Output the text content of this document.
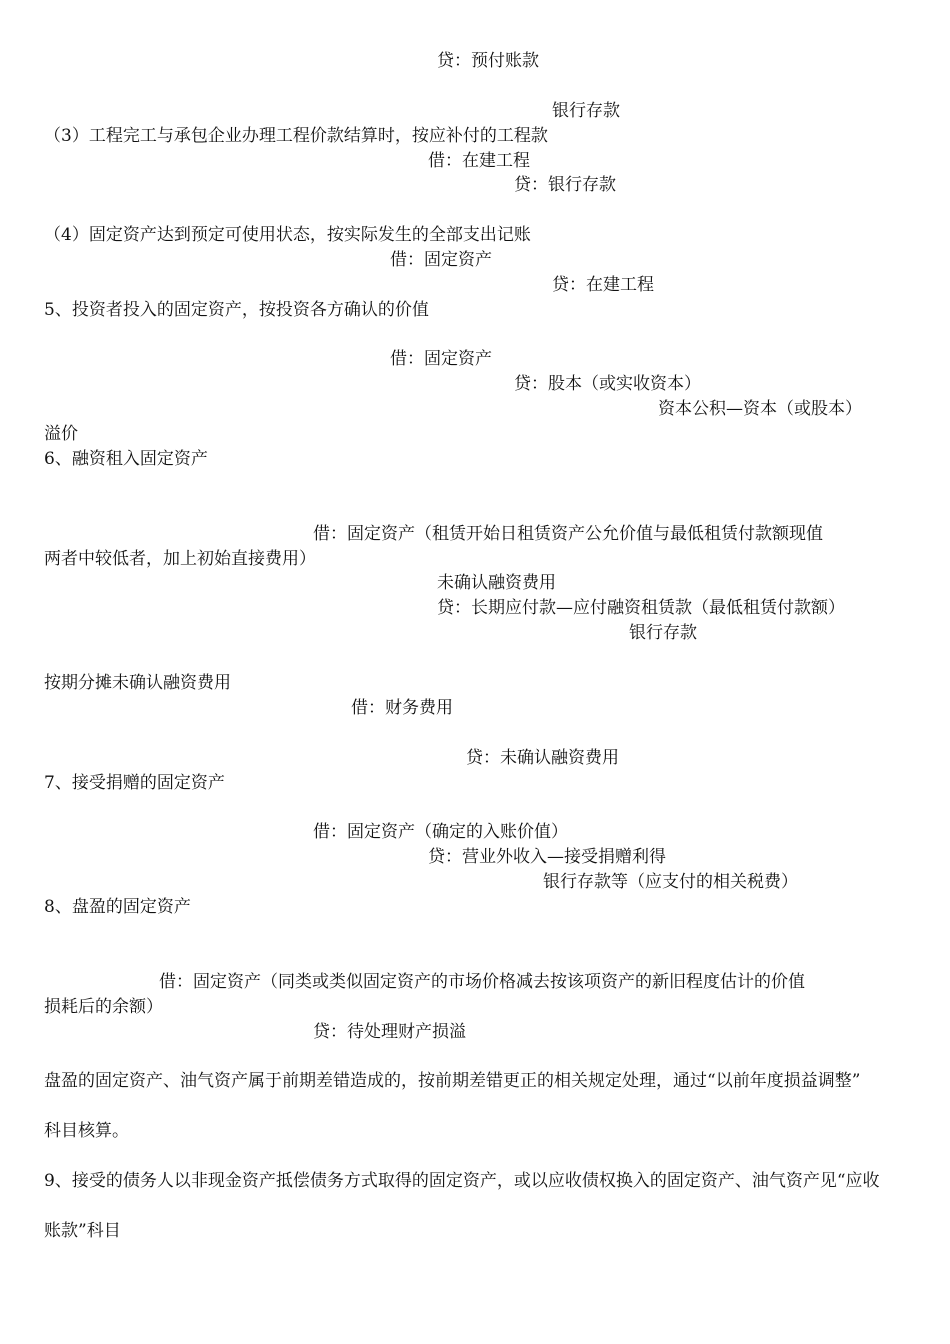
贷：预付账款
银行存款
（3）工程完工与承包企业办理工程价款结算时，按应补付的工程款
借：在建工程
贷：银行存款
（4）固定资产达到预定可使用状态，按实际发生的全部支出记账
借：固定资产
贷：在建工程
5、投资者投入的固定资产，按投资各方确认的价值
借：固定资产
贷：股本（或实收资本）
资本公积—资本（或股本）
溢价
6、融资租入固定资产
借：固定资产（租赁开始日租赁资产公允价值与最低租赁付款额现值
两者中较低者，加上初始直接费用）
未确认融资费用
贷：长期应付款—应付融资租赁款（最低租赁付款额）
银行存款
按期分摊未确认融资费用
借：财务费用
贷：未确认融资费用
7、接受捐赠的固定资产
借：固定资产（确定的入账价值）
贷：营业外收入—接受捐赠利得
银行存款等（应支付的相关税费）
8、盘盈的固定资产
借：固定资产（同类或类似固定资产的市场价格减去按该项资产的新旧程度估计的价值
损耗后的余额）
贷：待处理财产损溢
盘盈的固定资产、油气资产属于前期差错造成的，按前期差错更正的相关规定处理，通过“以前年度损益调整”
科目核算。
9、接受的债务人以非现金资产抵偿债务方式取得的固定资产，或以应收债权换入的固定资产、油气资产见“应收
账款”科目
